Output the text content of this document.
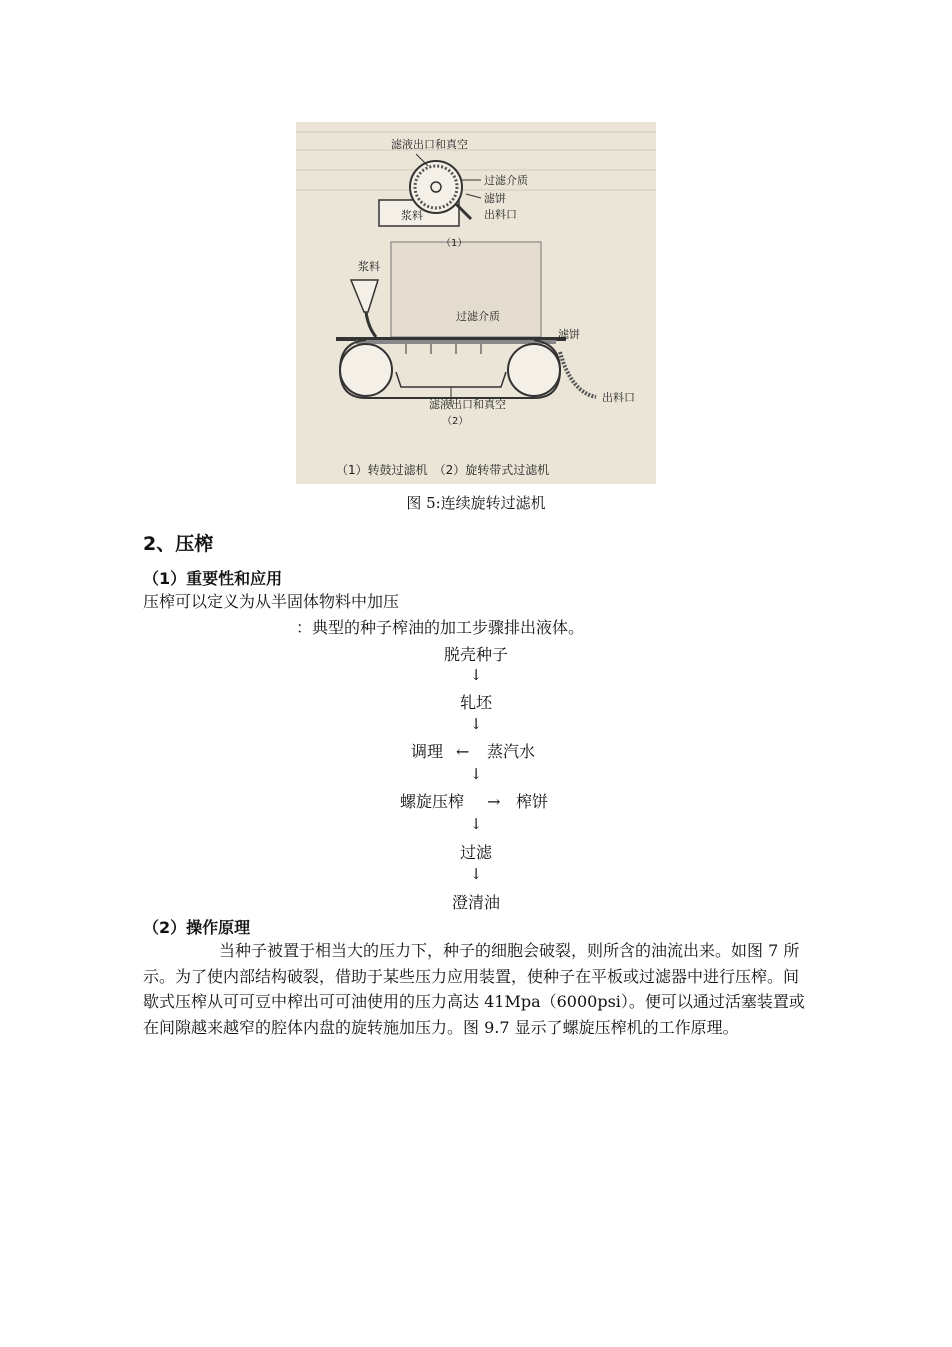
滤液出口和真空
过滤介质
滤饼
出料口
浆料
（1）
浆料
过滤介质
滤饼
滤液出口和真空
（2）
出料口
（1）转鼓过滤机　（2）旋转带式过滤机
图 5:连续旋转过滤机
2、压榨
（1）重要性和应用
压榨可以定义为从半固体物料中加压
：典型的种子榨油的加工步骤排出液体。
脱壳种子
↓
轧坯
↓
调理 ← 蒸汽水
↓
螺旋压榨 → 榨饼
↓
过滤
↓
澄清油
（2）操作原理

当种子被置于相当大的压力下，种子的细胞会破裂，则所含的油流出来。如图 7 所示。为了使内部结构破裂，借助于某些压力应用装置，使种子在平板或过滤器中进行压榨。间歇式压榨从可可豆中榨出可可油使用的压力高达 41Mpa（6000psi）。便可以通过活塞装置或在间隙越来越窄的腔体内盘的旋转施加压力。图 9.7 显示了螺旋压榨机的工作原理。
